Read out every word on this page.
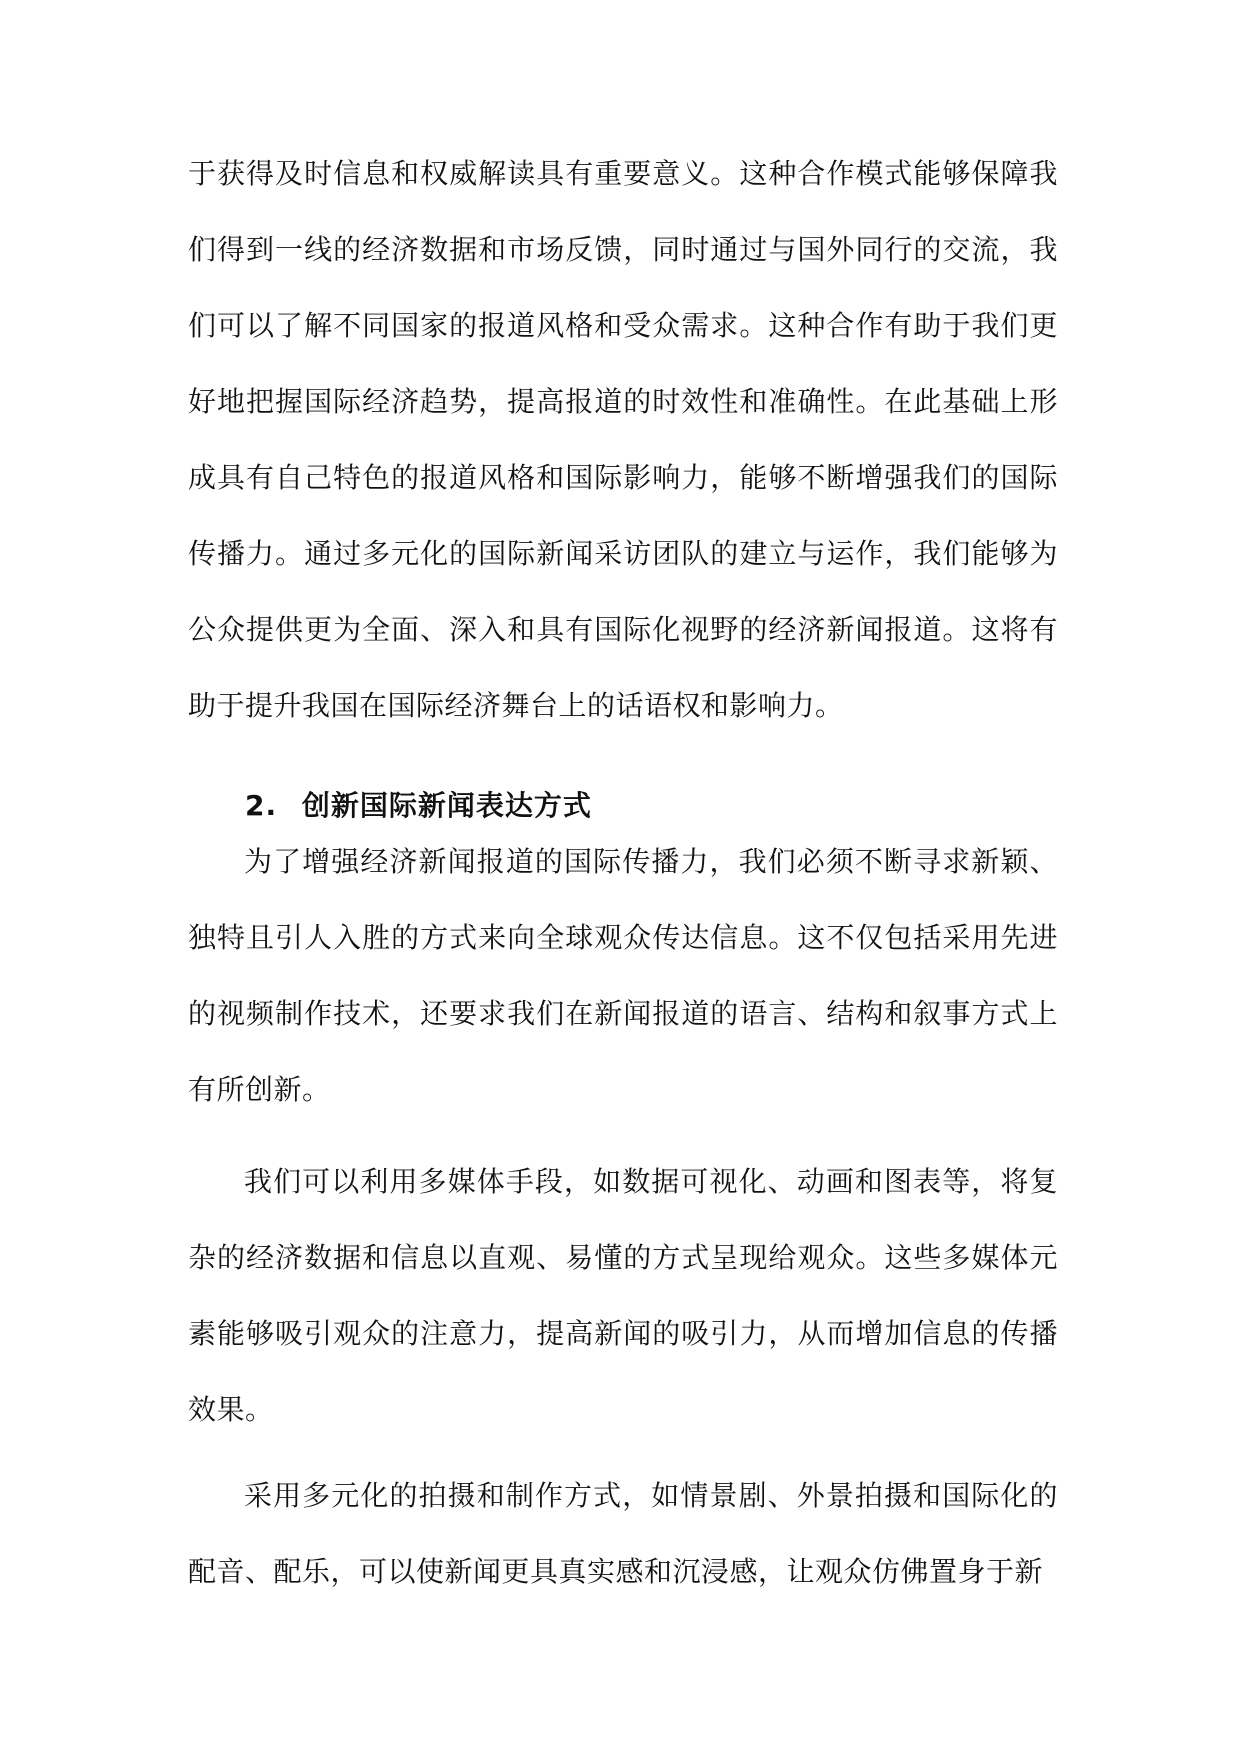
于获得及时信息和权威解读具有重要意义。这种合作模式能够保障我们得到一线的经济数据和市场反馈，同时通过与国外同行的交流，我们可以了解不同国家的报道风格和受众需求。这种合作有助于我们更好地把握国际经济趋势，提高报道的时效性和准确性。在此基础上形成具有自己特色的报道风格和国际影响力，能够不断增强我们的国际传播力。通过多元化的国际新闻采访团队的建立与运作，我们能够为公众提供更为全面、深入和具有国际化视野的经济新闻报道。这将有助于提升我国在国际经济舞台上的话语权和影响力。
2. 创新国际新闻表达方式
为了增强经济新闻报道的国际传播力，我们必须不断寻求新颖、独特且引人入胜的方式来向全球观众传达信息。这不仅包括采用先进的视频制作技术，还要求我们在新闻报道的语言、结构和叙事方式上有所创新。
我们可以利用多媒体手段，如数据可视化、动画和图表等，将复杂的经济数据和信息以直观、易懂的方式呈现给观众。这些多媒体元素能够吸引观众的注意力，提高新闻的吸引力，从而增加信息的传播效果。
采用多元化的拍摄和制作方式，如情景剧、外景拍摄和国际化的配音、配乐，可以使新闻更具真实感和沉浸感，让观众仿佛置身于新
